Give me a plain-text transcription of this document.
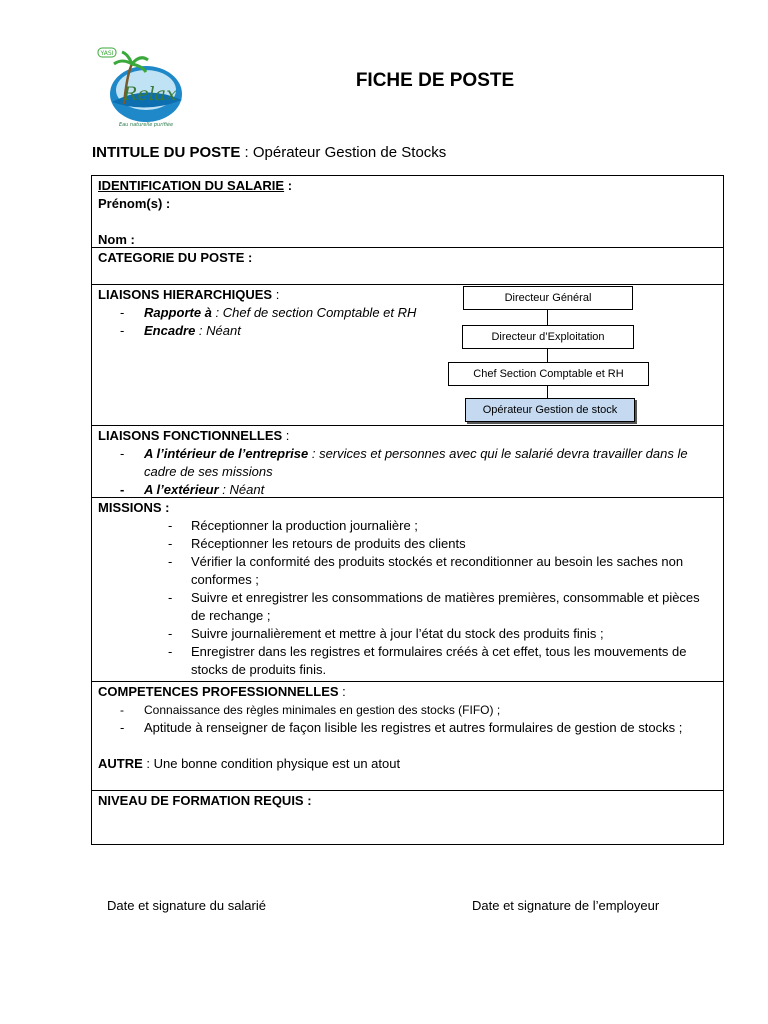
YASI
Relax
Eau naturelle purifiée
FICHE DE POSTE
INTITULE DU POSTE : Opérateur Gestion de Stocks
IDENTIFICATION DU SALARIE :
Prénom(s) :
Nom :
CATEGORIE DU POSTE :
LIAISONS HIERARCHIQUES :
- Rapporte à : Chef de section Comptable et RH
- Encadre : Néant
Directeur Général
Directeur d’Exploitation
Chef Section Comptable et RH
Opérateur Gestion de stock
LIAISONS FONCTIONNELLES :
- A l’intérieur de l’entreprise : services et personnes avec qui le salarié devra travailler dans le cadre de ses missions
- A l’extérieur : Néant
MISSIONS :
- Réceptionner la production journalière ;
- Réceptionner les retours de produits des clients
- Vérifier la conformité des produits stockés et reconditionner au besoin les saches non conformes ;
- Suivre et enregistrer les consommations de matières premières, consommable et pièces de rechange ;
- Suivre journalièrement et mettre à jour l’état du stock des produits finis ;
- Enregistrer dans les registres et formulaires créés à cet effet, tous les mouvements de stocks de produits finis.
COMPETENCES PROFESSIONNELLES :
- Connaissance des règles minimales en gestion des stocks (FIFO) ;
- Aptitude à renseigner de façon lisible les registres et autres formulaires de gestion de stocks ;
AUTRE : Une bonne condition physique est un atout
NIVEAU DE FORMATION REQUIS :
Date et signature du salarié	Date et signature de l’employeur
